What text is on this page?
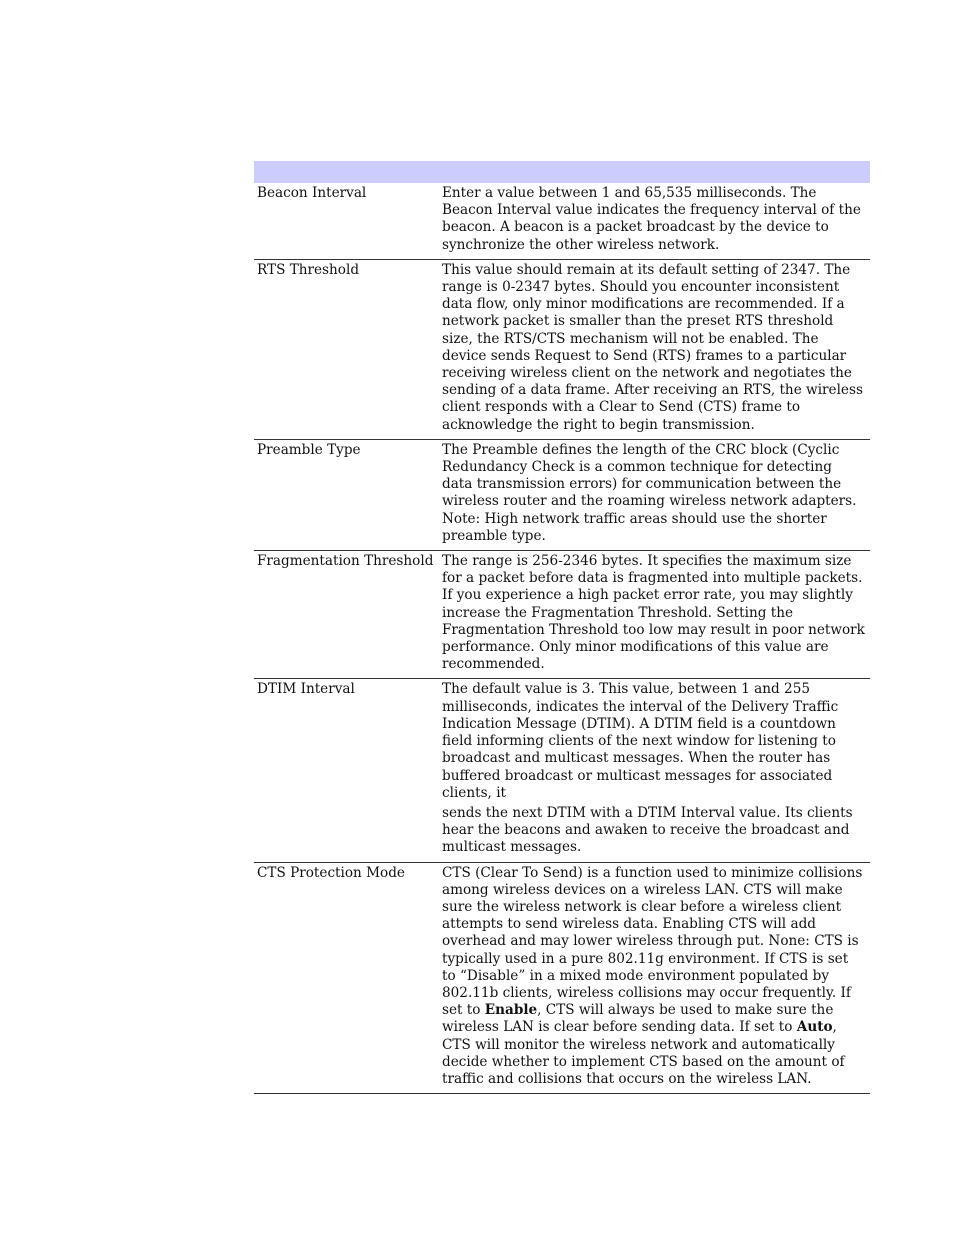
Beacon Interval	Enter a value between 1 and 65,535 milliseconds. The Beacon Interval value indicates the frequency interval of the beacon. A beacon is a packet broadcast by the device to synchronize the other wireless network.

RTS Threshold	This value should remain at its default setting of 2347. The range is 0-2347 bytes. Should you encounter inconsistent data flow, only minor modifications are recommended. If a network packet is smaller than the preset RTS threshold size, the RTS/CTS mechanism will not be enabled. The device sends Request to Send (RTS) frames to a particular receiving wireless client on the network and negotiates the sending of a data frame. After receiving an RTS, the wireless client responds with a Clear to Send (CTS) frame to acknowledge the right to begin transmission.

Preamble Type	The Preamble defines the length of the CRC block (Cyclic Redundancy Check is a common technique for detecting data transmission errors) for communication between the wireless router and the roaming wireless network adapters. Note: High network traffic areas should use the shorter preamble type.

Fragmentation Threshold	The range is 256-2346 bytes. It specifies the maximum size for a packet before data is fragmented into multiple packets. If you experience a high packet error rate, you may slightly increase the Fragmentation Threshold. Setting the Fragmentation Threshold too low may result in poor network performance. Only minor modifications of this value are recommended.

DTIM Interval	The default value is 3. This value, between 1 and 255 milliseconds, indicates the interval of the Delivery Traffic Indication Message (DTIM). A DTIM field is a countdown field informing clients of the next window for listening to broadcast and multicast messages. When the router has buffered broadcast or multicast messages for associated clients, it
sends the next DTIM with a DTIM Interval value. Its clients hear the beacons and awaken to receive the broadcast and multicast messages.

CTS Protection Mode	CTS (Clear To Send) is a function used to minimize collisions among wireless devices on a wireless LAN. CTS will make sure the wireless network is clear before a wireless client attempts to send wireless data. Enabling CTS will add overhead and may lower wireless through put. None: CTS is typically used in a pure 802.11g environment. If CTS is set to “Disable” in a mixed mode environment populated by 802.11b clients, wireless collisions may occur frequently. If set to Enable, CTS will always be used to make sure the wireless LAN is clear before sending data. If set to Auto, CTS will monitor the wireless network and automatically decide whether to implement CTS based on the amount of traffic and collisions that occurs on the wireless LAN.
